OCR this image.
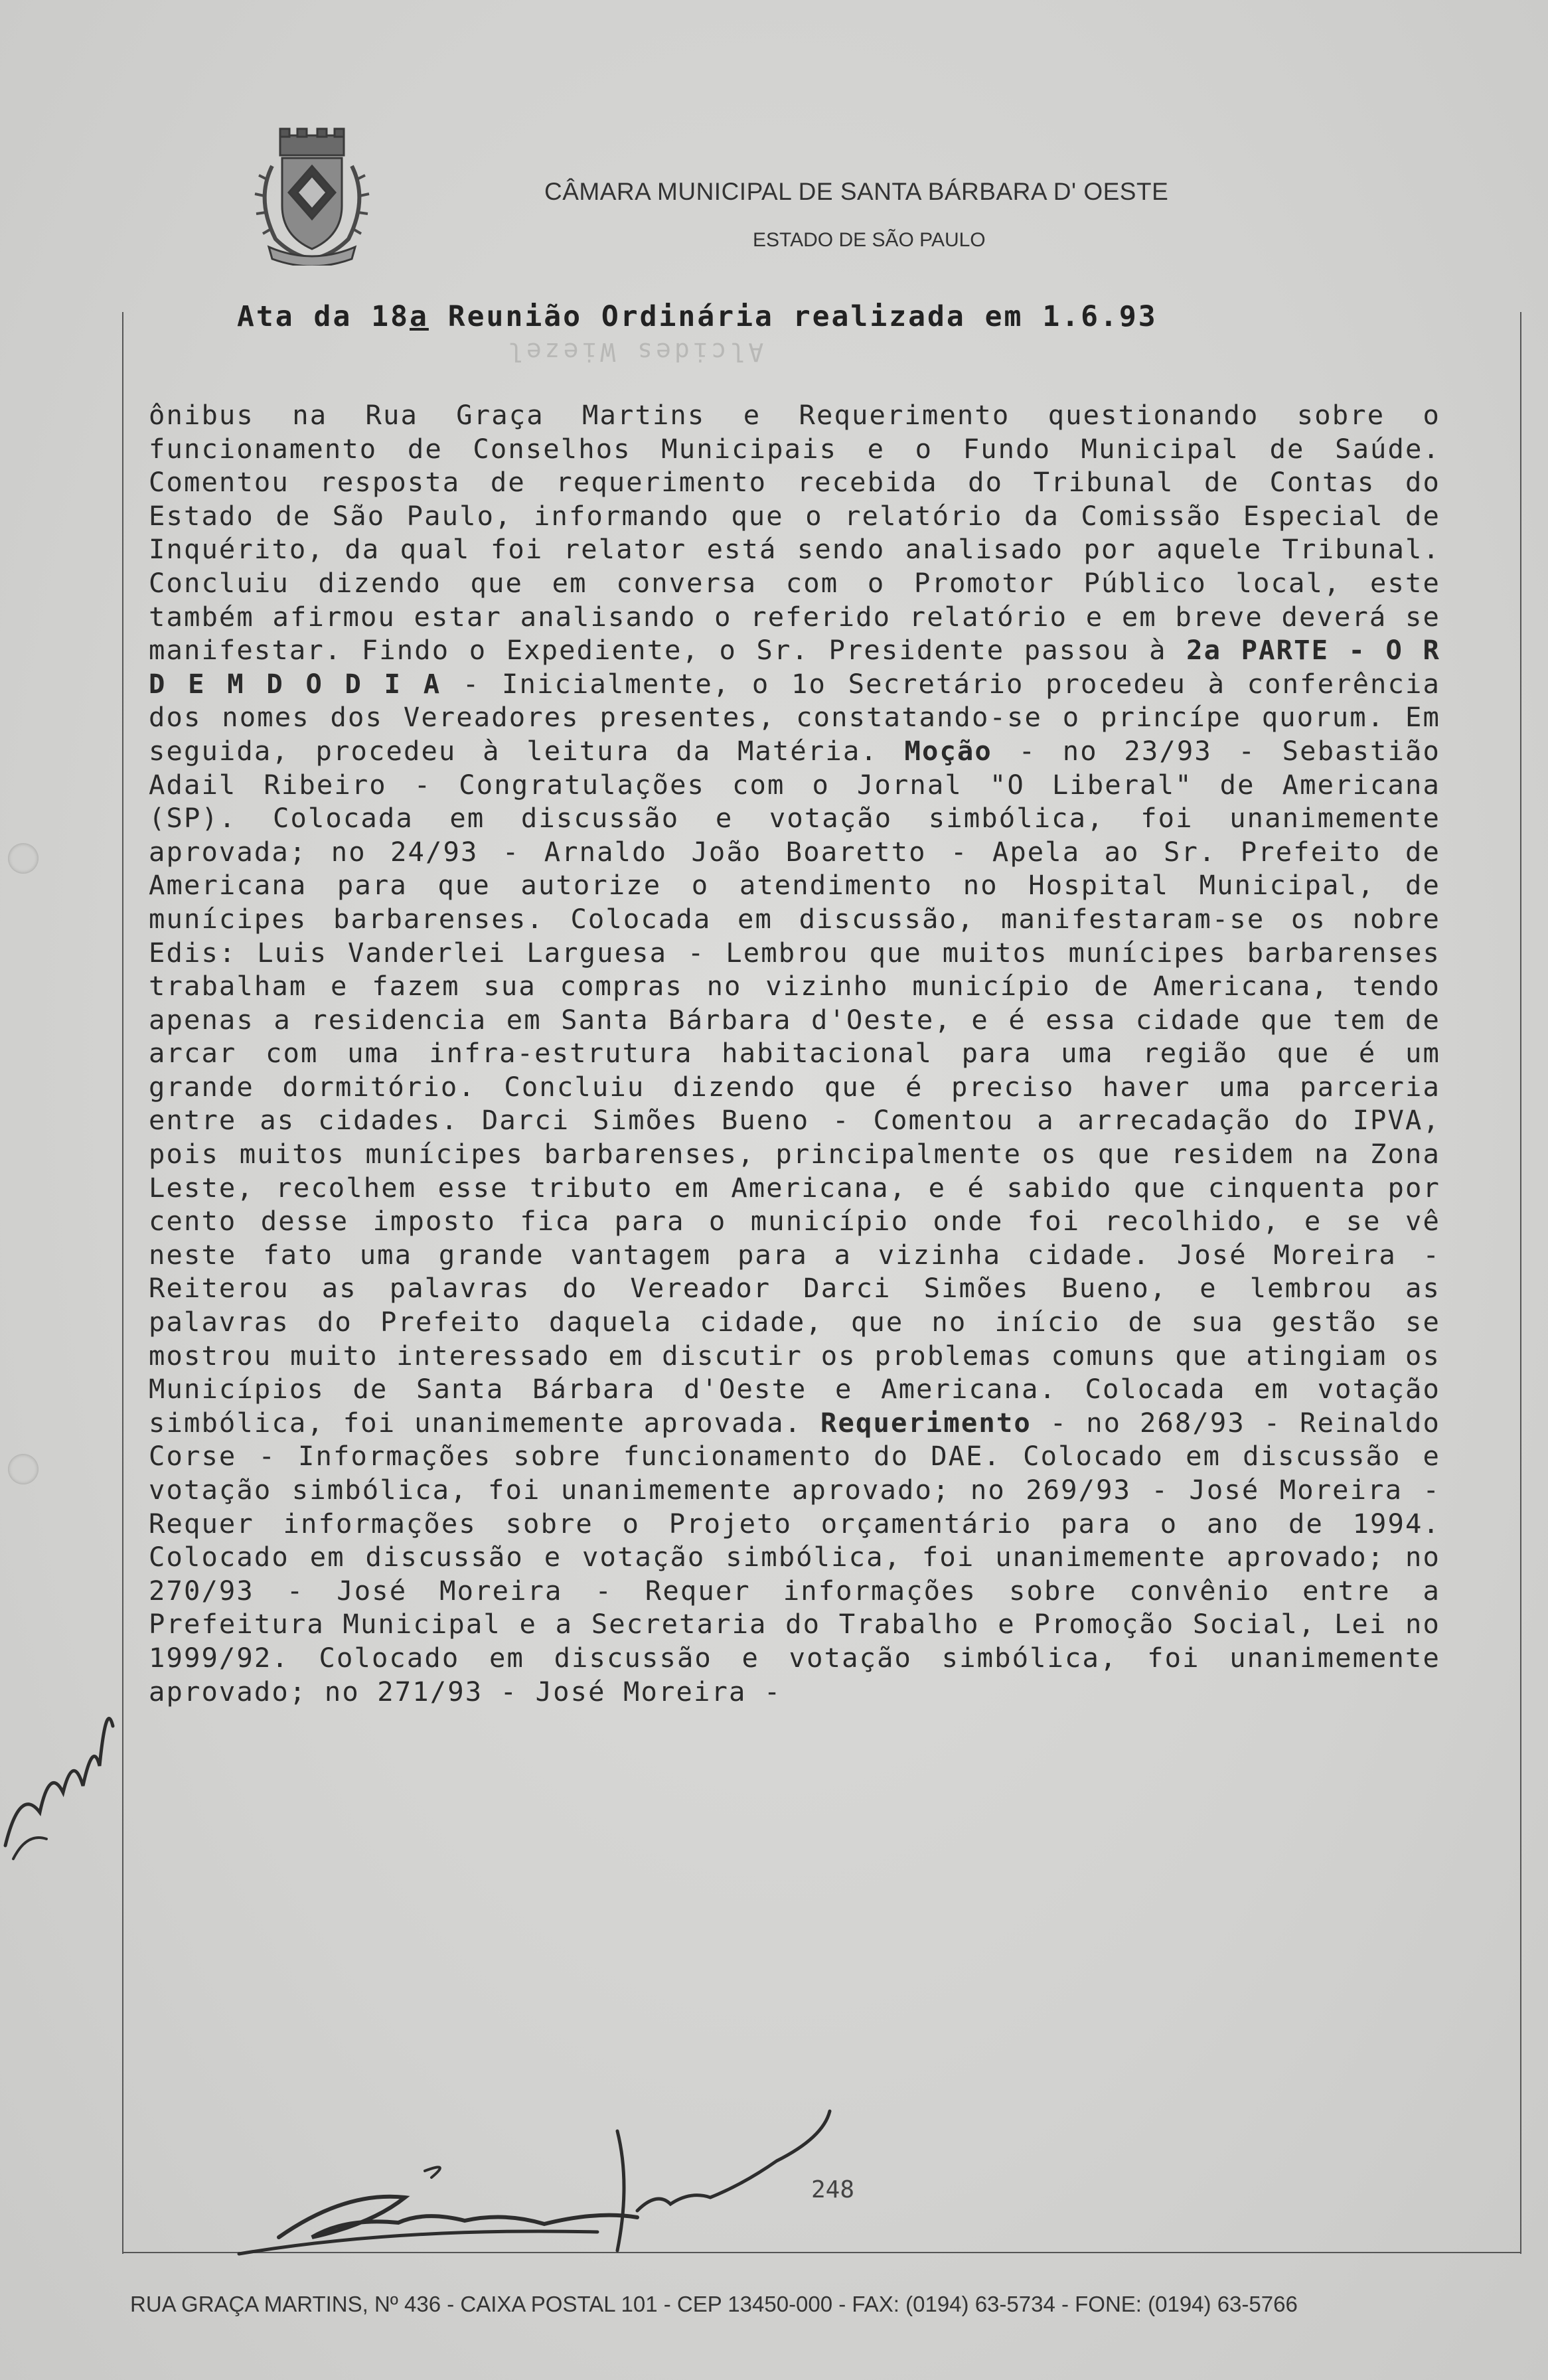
CÂMARA MUNICIPAL DE SANTA BÁRBARA D' OESTE
ESTADO DE SÃO PAULO
Ata da 18a Reunião Ordinária realizada em 1.6.93
Alcides Wiezel
ônibus na Rua Graça Martins e Requerimento questionando sobre o funcionamento de Conselhos Municipais e o Fundo Municipal de Saúde. Comentou resposta de requerimento recebida do Tribunal de Contas do Estado de São Paulo, informando que o relatório da Comissão Especial de Inquérito, da qual foi relator está sendo analisado por aquele Tribunal. Concluiu dizendo que em conversa com o Promotor Público local, este também afirmou estar analisando o referido relatório e em breve deverá se manifestar. Findo o Expediente, o Sr. Presidente passou à 2a PARTE - O R D E M D O D I A - Inicialmente, o 1o Secretário procedeu à conferência dos nomes dos Vereadores presentes, constatando-se o princípe quorum. Em seguida, procedeu à leitura da Matéria. Moção - no 23/93 - Sebastião Adail Ribeiro - Congratulações com o Jornal "O Liberal" de Americana (SP). Colocada em discussão e votação simbólica, foi unanimemente aprovada; no 24/93 - Arnaldo João Boaretto - Apela ao Sr. Prefeito de Americana para que autorize o atendimento no Hospital Municipal, de munícipes barbarenses. Colocada em discussão, manifestaram-se os nobre Edis: Luis Vanderlei Larguesa - Lembrou que muitos munícipes barbarenses trabalham e fazem sua compras no vizinho município de Americana, tendo apenas a residencia em Santa Bárbara d'Oeste, e é essa cidade que tem de arcar com uma infra-estrutura habitacional para uma região que é um grande dormitório. Concluiu dizendo que é preciso haver uma parceria entre as cidades. Darci Simões Bueno - Comentou a arrecadação do IPVA, pois muitos munícipes barbarenses, principalmente os que residem na Zona Leste, recolhem esse tributo em Americana, e é sabido que cinquenta por cento desse imposto fica para o município onde foi recolhido, e se vê neste fato uma grande vantagem para a vizinha cidade. José Moreira - Reiterou as palavras do Vereador Darci Simões Bueno, e lembrou as palavras do Prefeito daquela cidade, que no início de sua gestão se mostrou muito interessado em discutir os problemas comuns que atingiam os Municípios de Santa Bárbara d'Oeste e Americana. Colocada em votação simbólica, foi unanimemente aprovada. Requerimento - no 268/93 - Reinaldo Corse - Informações sobre funcionamento do DAE. Colocado em discussão e votação simbólica, foi unanimemente aprovado; no 269/93 - José Moreira - Requer informações sobre o Projeto orçamentário para o ano de 1994. Colocado em discussão e votação simbólica, foi unanimemente aprovado; no 270/93 - José Moreira - Requer informações sobre convênio entre a Prefeitura Municipal e a Secretaria do Trabalho e Promoção Social, Lei no 1999/92. Colocado em discussão e votação simbólica, foi unanimemente aprovado; no 271/93 - José Moreira -
248
RUA GRAÇA MARTINS, Nº 436 - CAIXA POSTAL 101 - CEP 13450-000 - FAX: (0194) 63-5734 - FONE: (0194) 63-5766
